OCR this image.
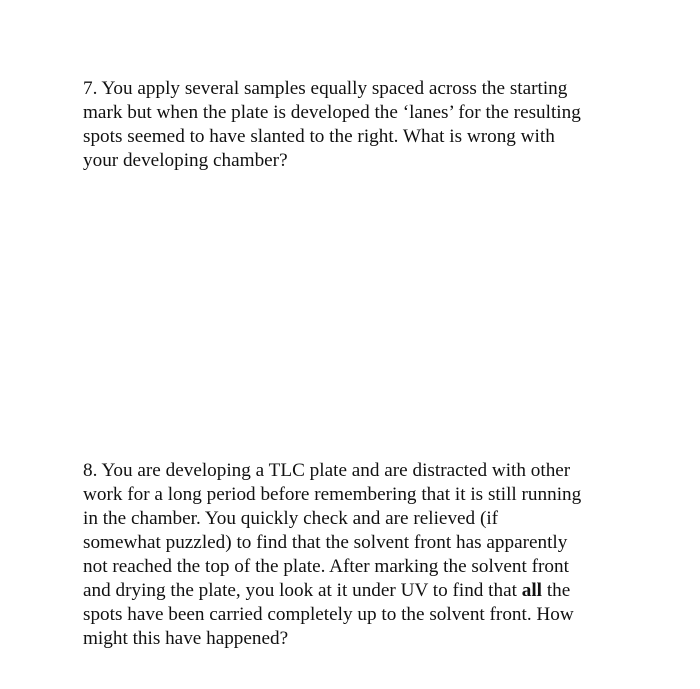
7. You apply several samples equally spaced across the starting
mark but when the plate is developed the ‘lanes’ for the resulting
spots seemed to have slanted to the right. What is wrong with
your developing chamber?
8. You are developing a TLC plate and are distracted with other
work for a long period before remembering that it is still running
in the chamber. You quickly check and are relieved (if
somewhat puzzled) to find that the solvent front has apparently
not reached the top of the plate. After marking the solvent front
and drying the plate, you look at it under UV to find that all the
spots have been carried completely up to the solvent front. How
might this have happened?
